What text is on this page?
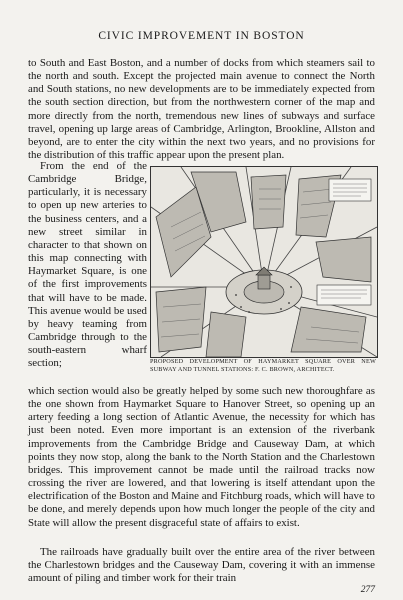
CIVIC IMPROVEMENT IN BOSTON

to South and East Boston, and a number of docks from which steamers sail to the north and south. Except the projected main avenue to connect the North and South stations, no new developments are to be immediately expected from the south section direction, but from the northwestern corner of the map and more directly from the north, tremendous new lines of subways and surface travel, opening up large areas of Cambridge, Arlington, Brookline, Allston and beyond, are to enter the city within the next two years, and no provisions for the distribution of this traffic appear upon the present plan.

From the end of the Cambridge Bridge, particularly, it is necessary to open up new arteries to the business centers, and a new street similar in character to that shown on this map connecting with Haymarket Square, is one of the first improvements that will have to be made. This avenue would be used by heavy teaming from Cambridge through to the south-eastern wharf section;	PROPOSED DEVELOPMENT OF HAYMARKET SQUARE OVER NEW SUBWAY AND TUNNEL STATIONS: F. C. BROWN, ARCHITECT.

which section would also be greatly helped by some such new thoroughfare as the one shown from Haymarket Square to Hanover Street, so opening up an artery feeding a long section of Atlantic Avenue, the necessity for which has just been noted. Even more important is an extension of the riverbank improvements from the Cambridge Bridge and Causeway Dam, at which points they now stop, along the bank to the North Station and the Charlestown bridges. This improvement cannot be made until the railroad tracks now crossing the river are lowered, and that lowering is itself attendant upon the electrification of the Boston and Maine and Fitchburg roads, which will have to be done, and merely depends upon how much longer the people of the city and State will allow the present disgraceful state of affairs to exist.

The railroads have gradually built over the entire area of the river between the Charlestown bridges and the Causeway Dam, covering it with an immense amount of piling and timber work for their train

277
